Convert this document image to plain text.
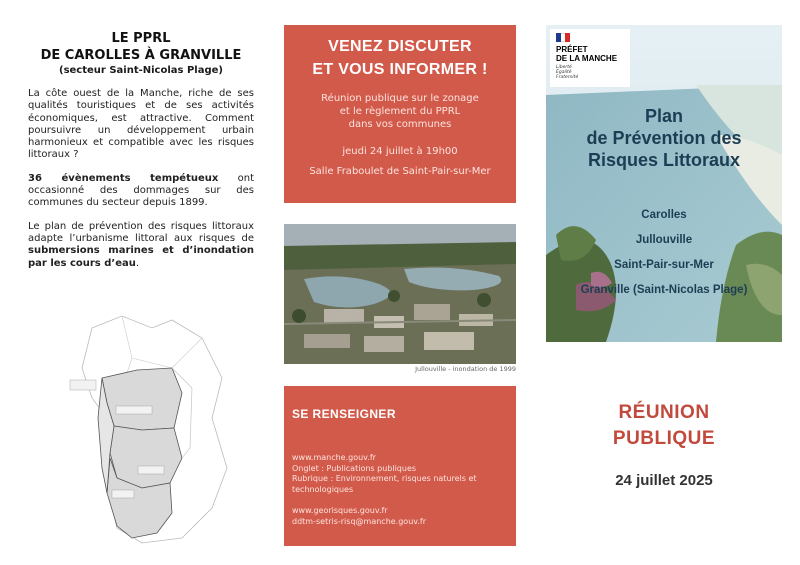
LE PPRL
DE CAROLLES À GRANVILLE
(secteur Saint-Nicolas Plage)

La côte ouest de la Manche, riche de ses qualités touristiques et de ses activités économiques, est attractive. Comment poursuivre un développement urbain harmonieux et compatible avec les risques littoraux ?

36 évènements tempétueux ont occasionné des dommages sur des communes du secteur depuis 1899.

Le plan de prévention des risques littoraux adapte l’urbanisme littoral aux risques de submersions marines et d’inondation par les cours d’eau.

VENEZ DISCUTER
ET VOUS INFORMER !
Réunion publique sur le zonage
et le règlement du PPRL
dans vos communes
jeudi 24 juillet à 19h00
Salle Fraboulet de Saint-Pair-sur-Mer
Jullouville - inondation de 1999
SE RENSEIGNER
www.manche.gouv.fr
Onglet : Publications publiques
Rubrique : Environnement, risques naturels et technologiques
www.georisques.gouv.fr
ddtm-setris-risq@manche.gouv.fr
PRÉFET
DE LA MANCHE
Liberté
Égalité
Fraternité
Plan
de Prévention des
Risques Littoraux
Carolles
Jullouville
Saint-Pair-sur-Mer
Granville (Saint-Nicolas Plage)
RÉUNION
PUBLIQUE
24 juillet 2025
